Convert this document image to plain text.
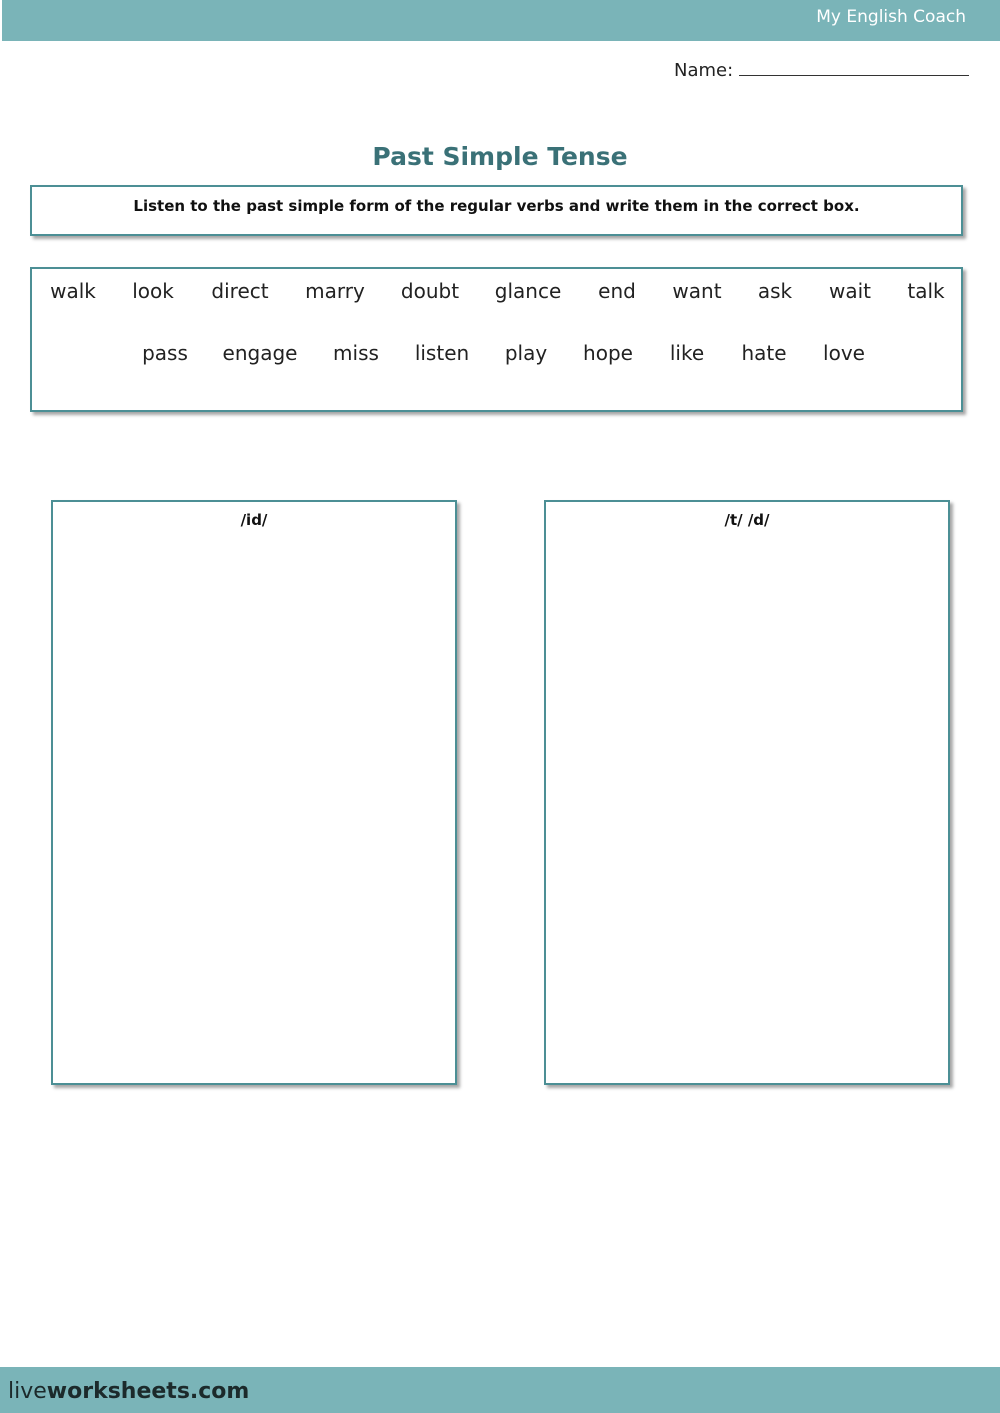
My English Coach
Name:
Past Simple Tense
Listen to the past simple form of the regular verbs and write them in the correct box.
walk look direct marry doubt glance end want ask wait talk
pass engage miss listen play hope like hate love
/id/	/t/ /d/
liveworksheets.com
